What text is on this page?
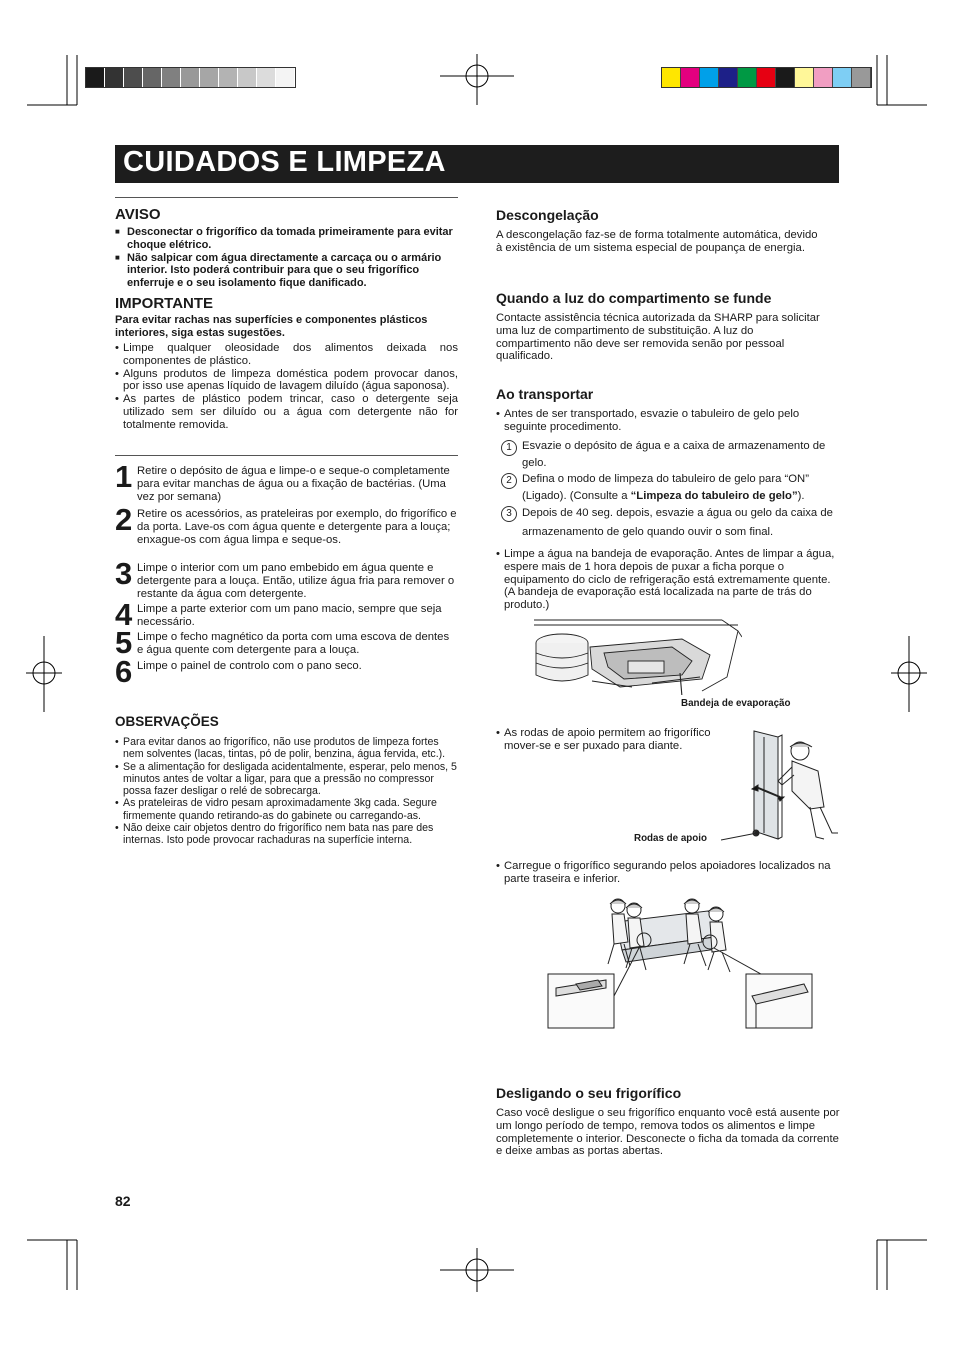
CUIDADOS E LIMPEZA
AVISO
■ Desconectar o frigorífico da tomada primeiramente para evitar choque elétrico.
■ Não salpicar com água directamente a carcaça ou o armário interior. Isto poderá contribuir para que o seu frigorífico enferruje e o seu isolamento fique danificado.
IMPORTANTE
Para evitar rachas nas superfícies e componentes plásticos interiores, siga estas sugestões.
• Limpe qualquer oleosidade dos alimentos deixada nos componentes de plástico.
• Alguns produtos de limpeza doméstica podem provocar danos, por isso use apenas líquido de lavagem diluído (água saponosa).
• As partes de plástico podem trincar, caso o detergente seja utilizado sem ser diluído ou a água com detergente não for totalmente removida.
1 Retire o depósito de água e limpe-o e seque-o completamente para evitar manchas de água ou a fixação de bactérias. (Uma vez por semana)
2 Retire os acessórios, as prateleiras por exemplo, do frigorífico e da porta. Lave-os com água quente e detergente para a louça; enxague-os com água limpa e seque-os.
3 Limpe o interior com um pano embebido em água quente e detergente para a louça. Então, utilize água fria para remover o restante da água com detergente.
4 Limpe a parte exterior com um pano macio, sempre que seja necessário.
5 Limpe o fecho magnético da porta com uma escova de dentes e água quente com detergente para a louça.
6 Limpe o painel de controlo com o pano seco.
OBSERVAÇÕES
• Para evitar danos ao frigorífico, não use produtos de limpeza fortes nem solventes (lacas, tintas, pó de polir, benzina, água fervida, etc.).
• Se a alimentação for desligada acidentalmente, esperar, pelo menos, 5 minutos antes de voltar a ligar, para que a pressão no compressor possa fazer desligar o relé de sobrecarga.
• As prateleiras de vidro pesam aproximadamente 3kg cada. Segure firmemente quando retirando-as do gabinete ou carregando-as.
• Não deixe cair objetos dentro do frigorífico nem bata nas pare des internas. Isto pode provocar rachaduras na superfície interna.
82
Descongelação
A descongelação faz-se de forma totalmente automática, devido à existência de um sistema especial de poupança de energia.
Quando a luz do compartimento se funde
Contacte assistência técnica autorizada da SHARP para solicitar uma luz de compartimento de substituição. A luz do compartimento não deve ser removida senão por pessoal qualificado.
Ao transportar
• Antes de ser transportado, esvazie o tabuleiro de gelo pelo seguinte procedimento.
1 Esvazie o depósito de água e a caixa de armazenamento de gelo.
2 Defina o modo de limpeza do tabuleiro de gelo para “ON” (Ligado). (Consulte a “Limpeza do tabuleiro de gelo”).
3 Depois de 40 seg. depois, esvazie a água ou gelo da caixa de armazenamento de gelo quando ouvir o som final.
• Limpe a água na bandeja de evaporação. Antes de limpar a água, espere mais de 1 hora depois de puxar a ficha porque o equipamento do ciclo de refrigeração está extremamente quente. (A bandeja de evaporação está localizada na parte de trás do produto.)
Bandeja de evaporação
• As rodas de apoio permitem ao frigorífico mover-se e ser puxado para diante.
Rodas de apoio
• Carregue o frigorífico segurando pelos apoiadores localizados na parte traseira e inferior.
Desligando o seu frigorífico
Caso você desligue o seu frigorífico enquanto você está ausente por um longo período de tempo, remova todos os alimentos e limpe completemente o interior. Desconecte o ficha da tomada da corrente e deixe ambas as portas abertas.
